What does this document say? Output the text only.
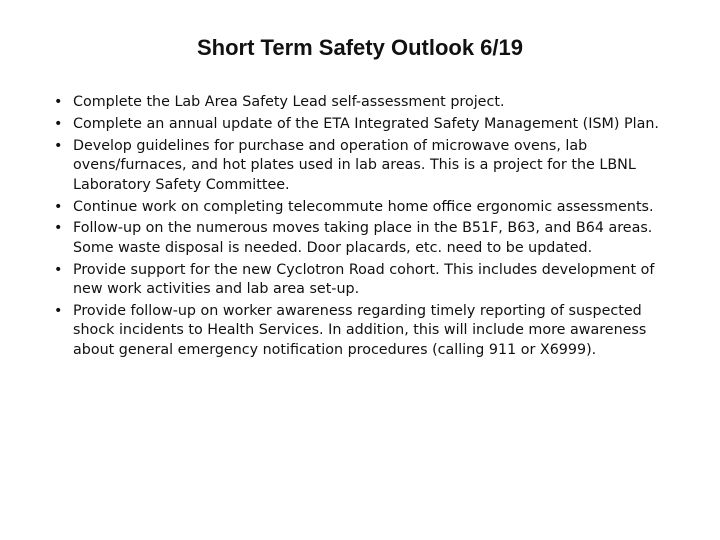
Short Term Safety Outlook 6/19
• Complete the Lab Area Safety Lead self-assessment project.
• Complete an annual update of the ETA Integrated Safety Management (ISM) Plan.
• Develop guidelines for purchase and operation of microwave ovens, lab ovens/furnaces, and hot plates used in lab areas. This is a project for the LBNL Laboratory Safety Committee.
• Continue work on completing telecommute home office ergonomic assessments.
• Follow-up on the numerous moves taking place in the B51F, B63, and B64 areas. Some waste disposal is needed. Door placards, etc. need to be updated.
• Provide support for the new Cyclotron Road cohort. This includes development of new work activities and lab area set-up.
• Provide follow-up on worker awareness regarding timely reporting of suspected shock incidents to Health Services. In addition, this will include more awareness about general emergency notification procedures (calling 911 or X6999).
